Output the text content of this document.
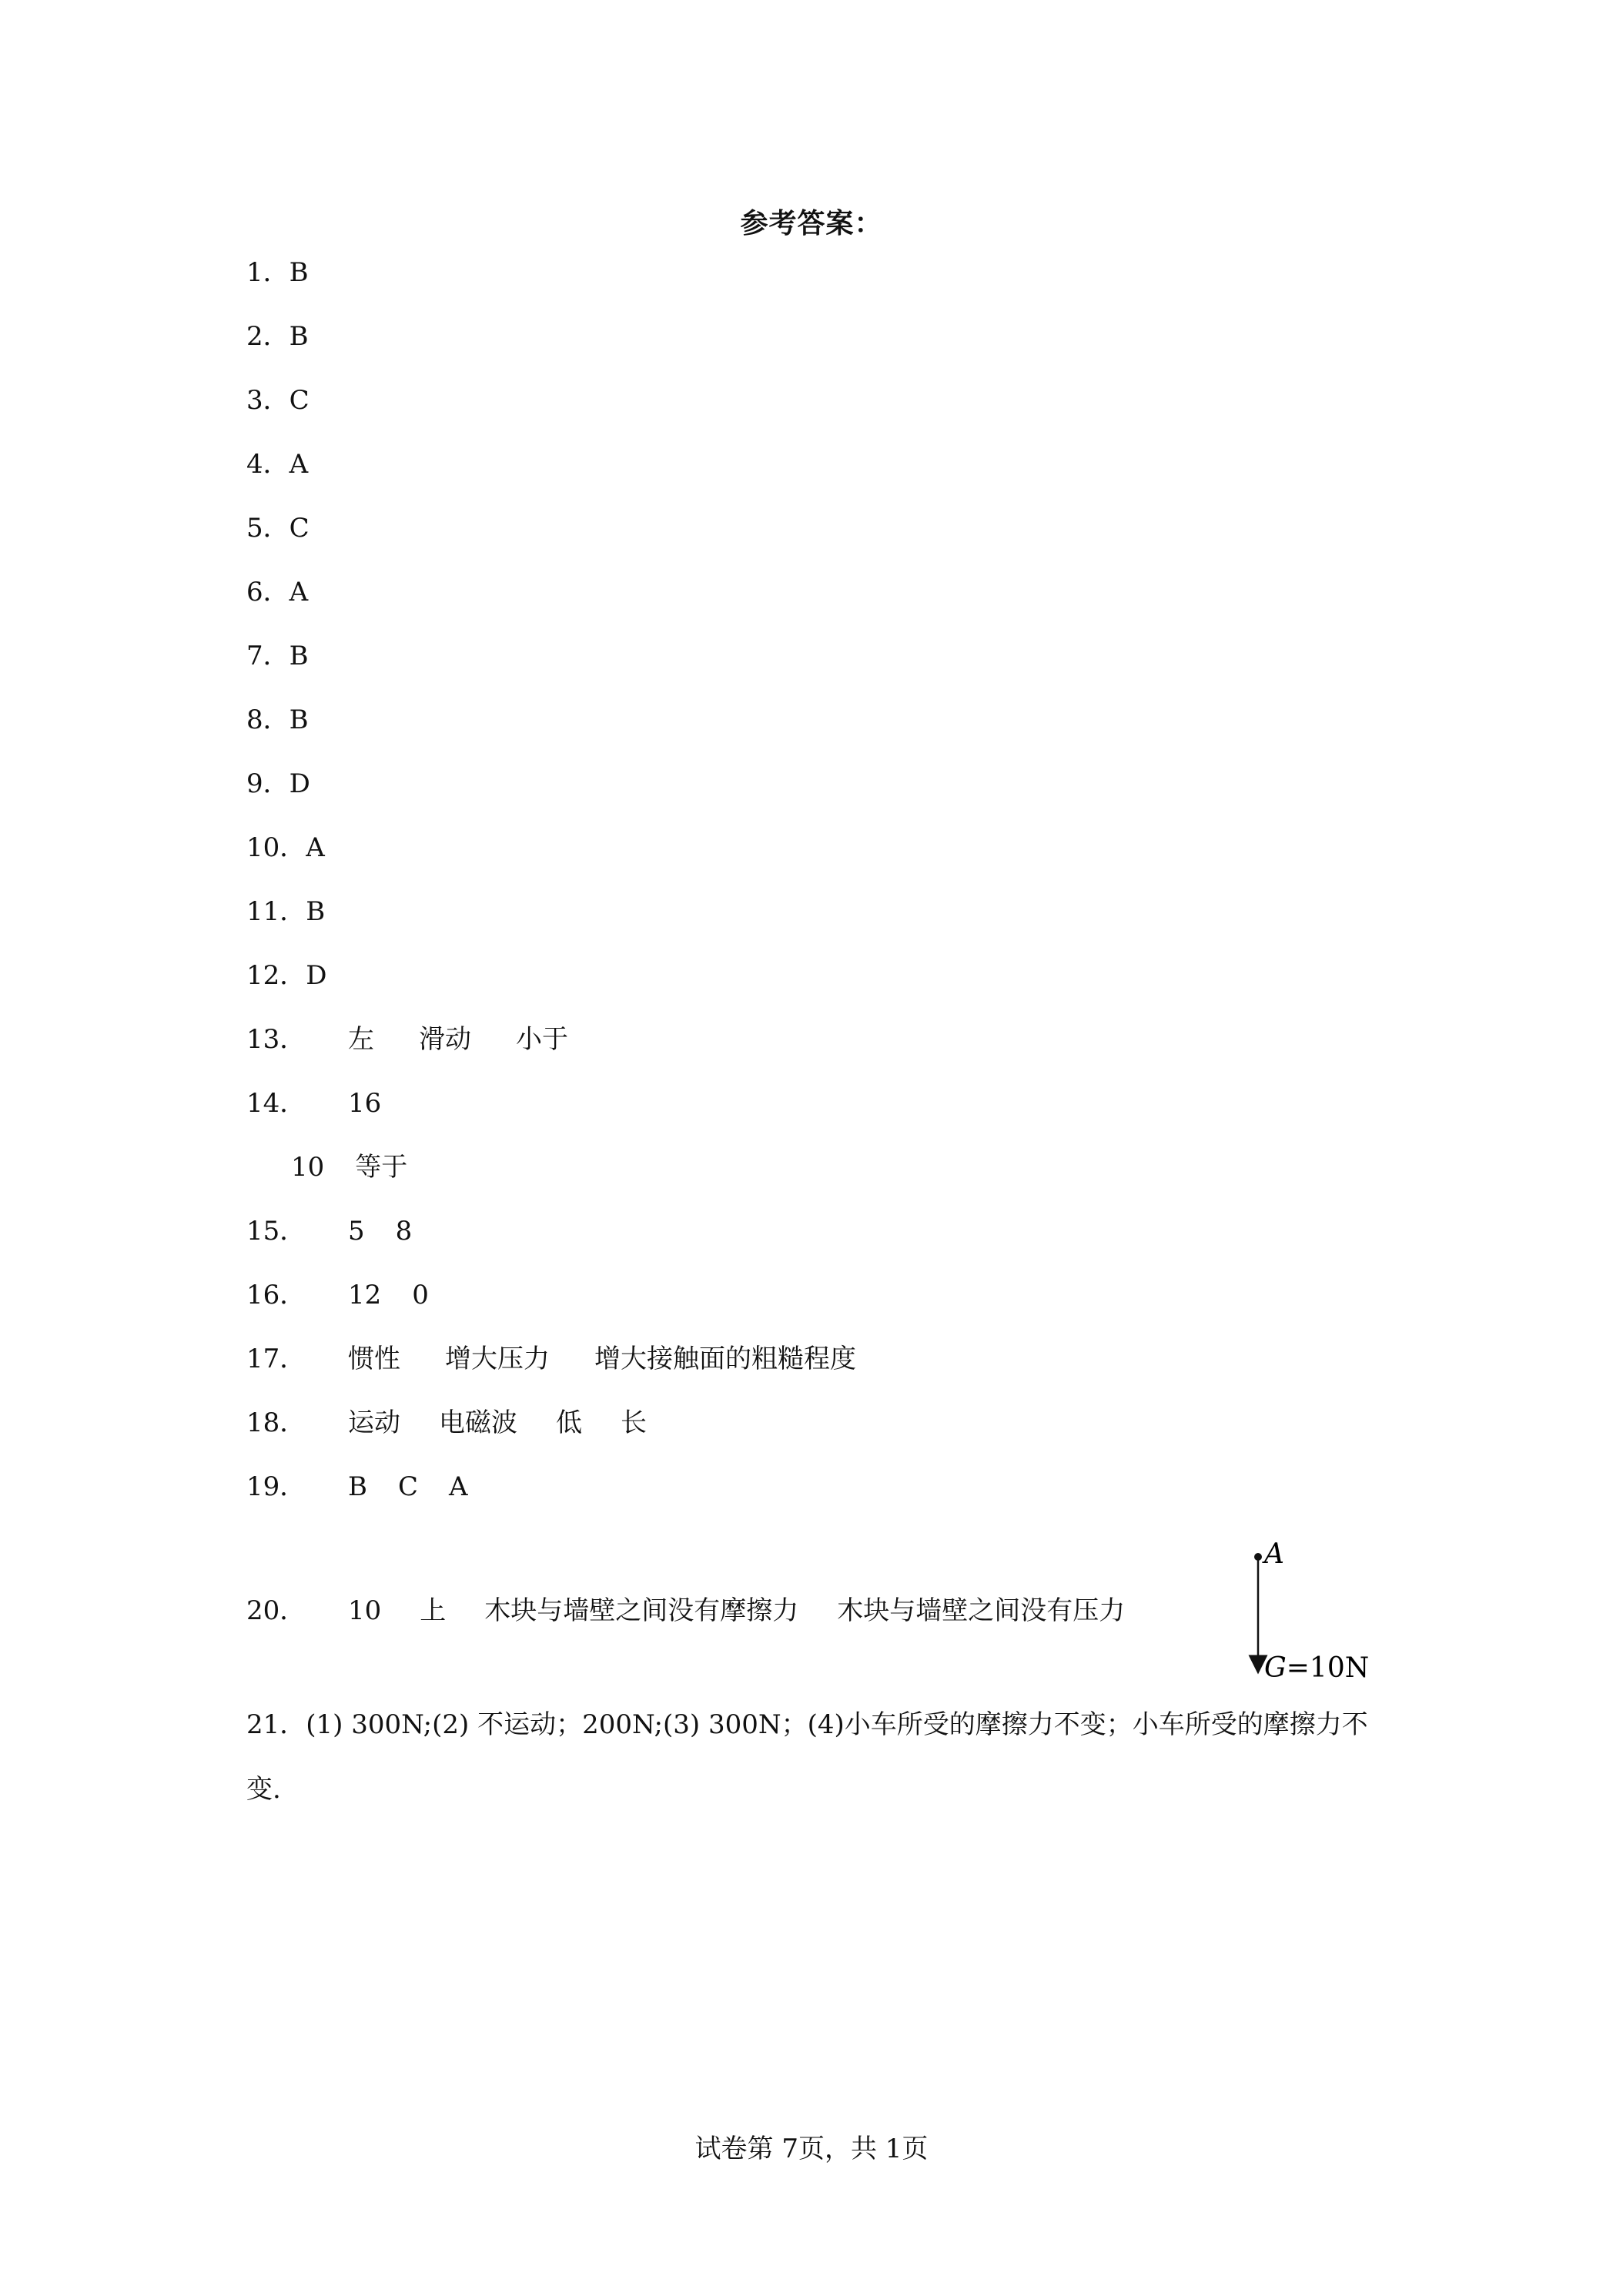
参考答案：
1．B
2．B
3．C
4．A
5．C
6．A
7．B
8．B
9．D
10．A
11．B
12．D
13． 左 滑动 小于
14． 16
10 等于
15． 5 8
16． 12 0
17． 惯性 增大压力 增大接触面的粗糙程度
18． 运动 电磁波 低 长
19． B C A
20． 10 上 木块与墙壁之间没有摩擦力 木块与墙壁之间没有压力
A
G=10N
21．(1) 300N;(2) 不运动；200N;(3) 300N；(4)小车所受的摩擦力不变；小车所受的摩擦力不变.
试卷第 7页，共 1页
